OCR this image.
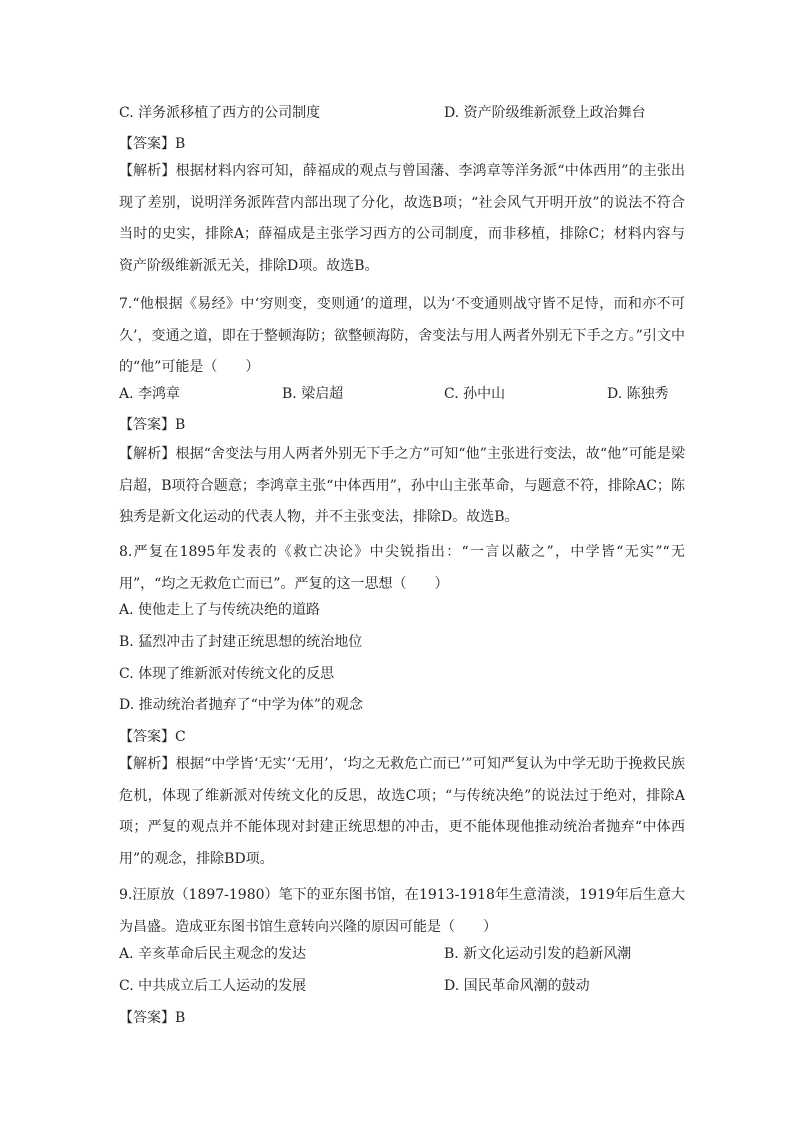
C. 洋务派移植了西方的公司制度	D. 资产阶级维新派登上政治舞台
【答案】B
【解析】根据材料内容可知，薛福成的观点与曾国藩、李鸿章等洋务派“中体西用”的主张出现了差别，说明洋务派阵营内部出现了分化，故选B项；“社会风气开明开放”的说法不符合当时的史实，排除A；薛福成是主张学习西方的公司制度，而非移植，排除C；材料内容与资产阶级维新派无关，排除D项。故选B。
7.“他根据《易经》中‘穷则变，变则通’的道理，以为‘不变通则战守皆不足恃，而和亦不可久’，变通之道，即在于整顿海防；欲整顿海防，舍变法与用人两者外别无下手之方。”引文中的“他”可能是（　　）
A. 李鸿章	B. 梁启超	C. 孙中山	D. 陈独秀
【答案】B
【解析】根据“舍变法与用人两者外别无下手之方”可知“他”主张进行变法，故“他”可能是梁启超，B项符合题意；李鸿章主张“中体西用”，孙中山主张革命，与题意不符，排除AC；陈独秀是新文化运动的代表人物，并不主张变法，排除D。故选B。
8.严复在1895年发表的《救亡决论》中尖锐指出：“一言以蔽之”，中学皆“无实”“无用”，“均之无救危亡而已”。严复的这一思想（　　）
A. 使他走上了与传统决绝的道路
B. 猛烈冲击了封建正统思想的统治地位
C. 体现了维新派对传统文化的反思
D. 推动统治者抛弃了“中学为体”的观念
【答案】C
【解析】根据“中学皆‘无实’‘无用’，‘均之无救危亡而已’”可知严复认为中学无助于挽救民族危机，体现了维新派对传统文化的反思，故选C项；“与传统决绝”的说法过于绝对，排除A项；严复的观点并不能体现对封建正统思想的冲击，更不能体现他推动统治者抛弃“中体西用”的观念，排除BD项。
9.汪原放（1897-1980）笔下的亚东图书馆，在1913-1918年生意清淡，1919年后生意大为昌盛。造成亚东图书馆生意转向兴隆的原因可能是（　　）
A. 辛亥革命后民主观念的发达	B. 新文化运动引发的趋新风潮
C. 中共成立后工人运动的发展	D. 国民革命风潮的鼓动
【答案】B
